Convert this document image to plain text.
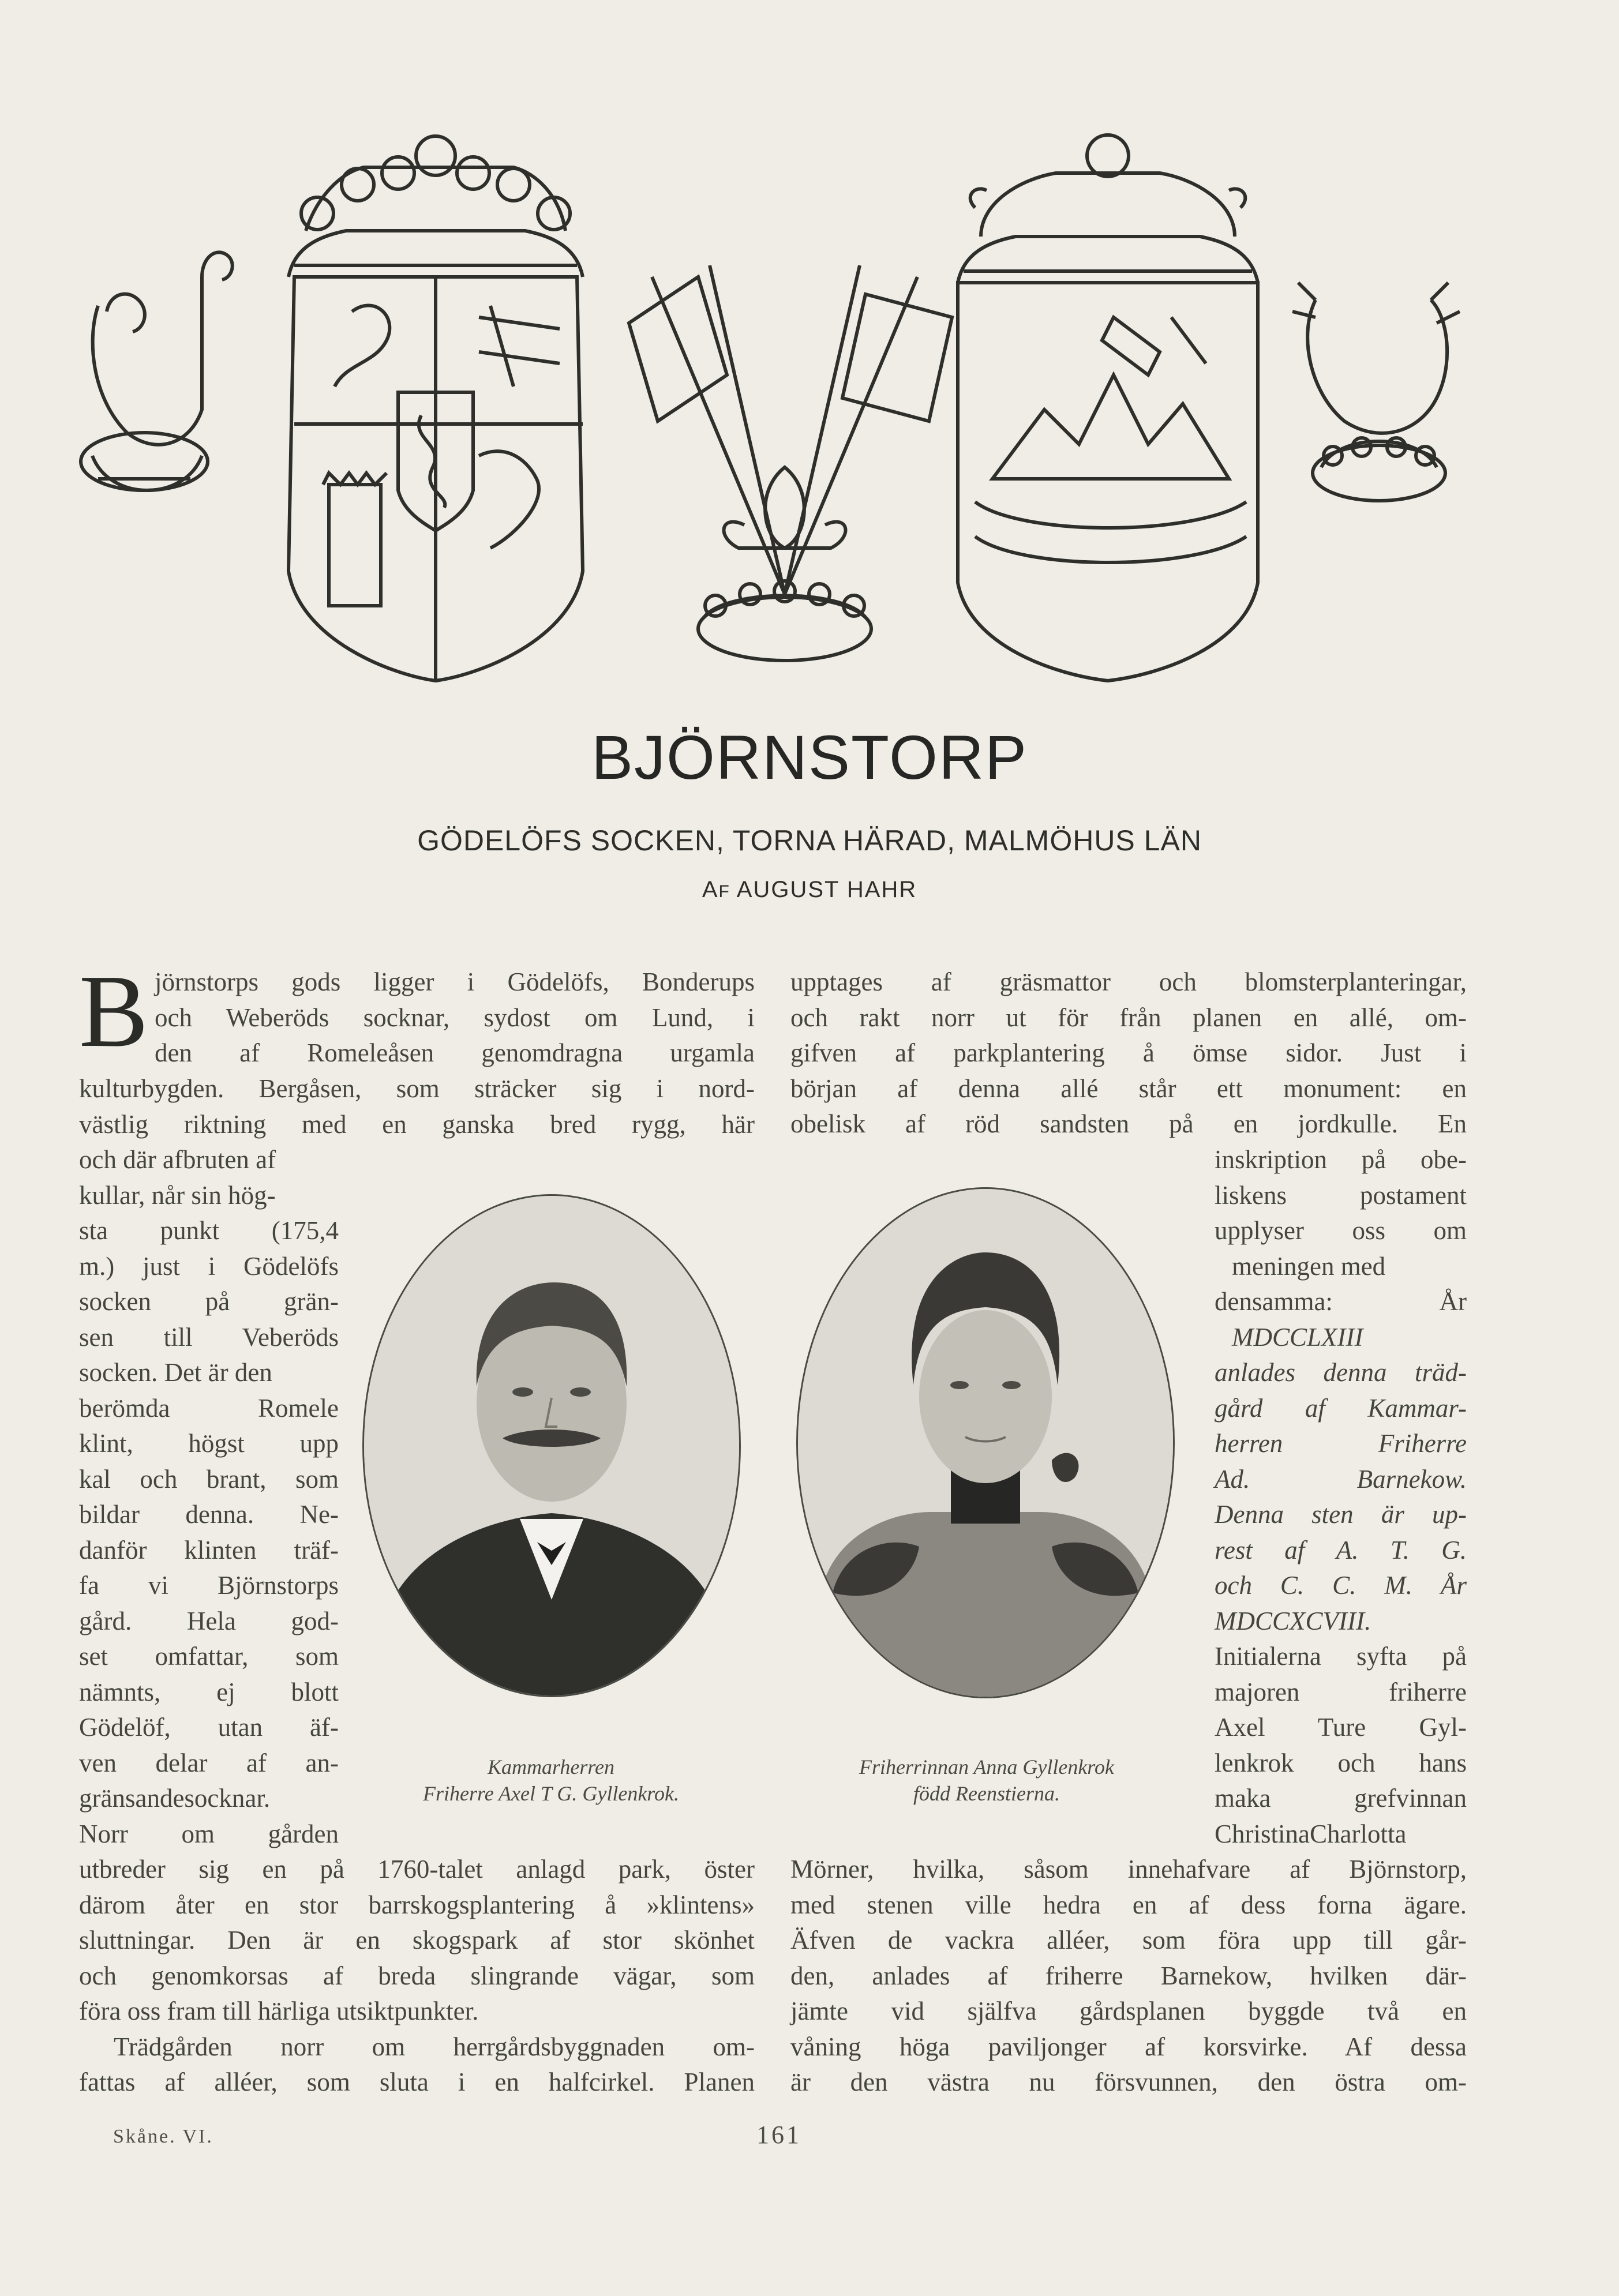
BJÖRNSTORP
GÖDELÖFS SOCKEN, TORNA HÄRAD, MALMÖHUS LÄN
AF AUGUST HAHR
B jörnstorps gods ligger i Gödelöfs, Bonderups
och Weberöds socknar, sydost om Lund, i
den af Romeleåsen genomdragna urgamla
kulturbygden. Bergåsen, som sträcker sig i nord-
västlig riktning med en ganska bred rygg, här
och där afbruten af
kullar, når sin hög-
sta punkt (175,4
m.) just i Gödelöfs
socken på grän-
sen till Veberöds
socken. Det är den
berömda Romele
klint, högst upp
kal och brant, som
bildar denna. Ne-
danför klinten träf-
fa vi Björnstorps
gård. Hela god-
set omfattar, som
nämnts, ej blott
Gödelöf, utan äf-
ven delar af an-
gränsandesocknar.
Norr om gården
utbreder sig en på 1760-talet anlagd park, öster
därom åter en stor barrskogsplantering å »klintens»
sluttningar. Den är en skogspark af stor skönhet
och genomkorsas af breda slingrande vägar, som
föra oss fram till härliga utsiktpunkter.
Trädgården norr om herrgårdsbyggnaden om-
fattas af alléer, som sluta i en halfcirkel. Planen
Kammarherren
Friherre Axel T G. Gyllenkrok.
Friherrinnan Anna Gyllenkrok
född Reenstierna.
upptages af gräsmattor och blomsterplanteringar,
och rakt norr ut för från planen en allé, om-
gifven af parkplantering å ömse sidor. Just i
början af denna allé står ett monument: en
obelisk af röd sandsten på en jordkulle. En
inskription på obe-
liskens postament
upplyser oss om
meningen med
densamma: År
MDCCLXIII
anlades denna träd-
gård af Kammar-
herren Friherre
Ad. Barnekow.
Denna sten är up-
rest af A. T. G.
och C. C. M. År
MDCCXCVIII.
Initialerna syfta på
majoren friherre
Axel Ture Gyl-
lenkrok och hans
maka grefvinnan
ChristinaCharlotta
Mörner, hvilka, såsom innehafvare af Björnstorp,
med stenen ville hedra en af dess forna ägare.
Äfven de vackra alléer, som föra upp till går-
den, anlades af friherre Barnekow, hvilken där-
jämte vid själfva gårdsplanen byggde två en
våning höga paviljonger af korsvirke. Af dessa
är den västra nu försvunnen, den östra om-
Skåne. VI.	161
